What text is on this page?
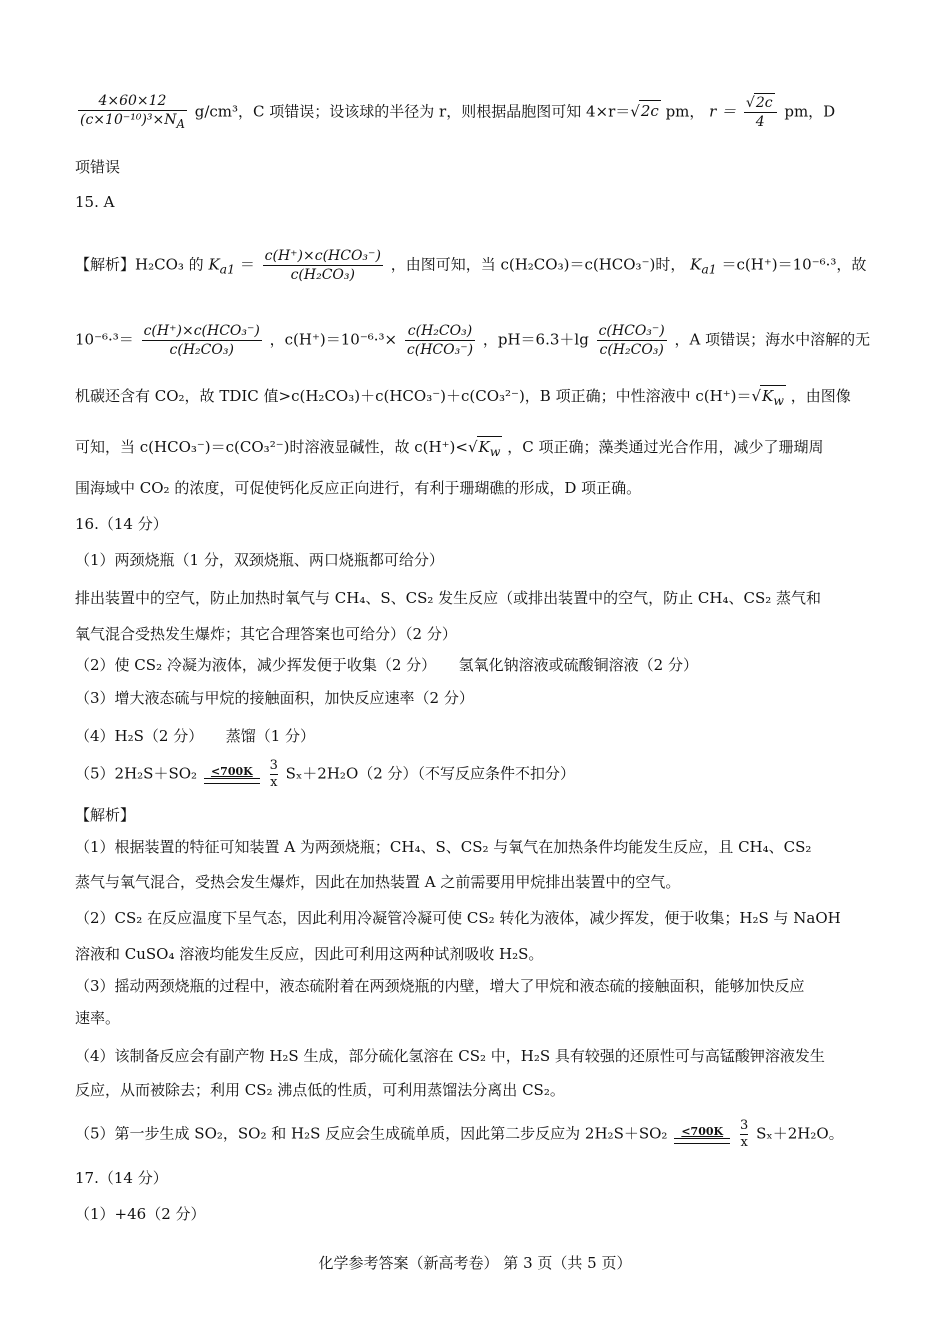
$\frac{4\times 60\times 12}{(c\times 10^{-10})^3\times N_A} g/cm^3$，C 项错误；设该球的半径为 r，则根据晶胞图可知 4×r＝√2c pm， $r = \frac{√2c}{4}$ pm，D
项错误
15. A
【解析】H₂CO₃ 的 $K_{a1} = \frac{\text{c(H⁺)×c(HCO₃⁻)}}{\text{c(H₂CO₃)}}$ ，由图可知，当 c(H₂CO₃)＝c(HCO₃⁻)时， $K_{a1} =c(H^+)=10^{-6}\cdot^3$，故
$10^{-6}\cdot^3= \frac{\text{c(H⁺)×c(HCO₃⁻)}}{\text{c(H₂CO₃)}}$ ，$c(H^+)=10^{-6}\cdot^3\times \frac{\text{c(H₂CO₃)}}{\text{c(HCO₃⁻)}}$ ，$pH=6.3+\lg \frac{\text{c(HCO₃⁻)}}{\text{c(H₂CO₃)}}$ ，A 项错误；海水中溶解的无
机碳还含有 CO₂，故 TDIC 值>c(H₂CO₃)＋c(HCO₃⁻)＋c(CO₃²⁻)，B 项正确；中性溶液中 $c(H^+)=√K_w$ ，由图像
可知，当 c(HCO₃⁻)＝c(CO₃²⁻)时溶液显碱性，故 $c(H^+)<√K_w$ ，C 项正确；藻类通过光合作用，减少了珊瑚周
围海域中 CO₂ 的浓度，可促使钙化反应正向进行，有利于珊瑚礁的形成，D 项正确。
16.（14 分）
（1）两颈烧瓶（1 分，双颈烧瓶、两口烧瓶都可给分）
排出装置中的空气，防止加热时氧气与 CH₄、S、CS₂ 发生反应（或排出装置中的空气，防止 CH₄、CS₂ 蒸气和
氧气混合受热发生爆炸；其它合理答案也可给分）（2 分）
（2）使 CS₂ 冷凝为液体，减少挥发便于收集（2 分）　　氢氧化钠溶液或硫酸铜溶液（2 分）
（3）增大液态硫与甲烷的接触面积，加快反应速率（2 分）
（4）H₂S（2 分）　　蒸馏（1 分）
（5）2H₂S＋SO₂	<700K
	$\frac{3}{x} S_x+2H_2O(2$ 分）（不写反应条件不扣分）
【解析】
（1）根据装置的特征可知装置 A 为两颈烧瓶；CH₄、S、CS₂ 与氧气在加热条件均能发生反应，且 CH₄、CS₂
蒸气与氧气混合，受热会发生爆炸，因此在加热装置 A 之前需要用甲烷排出装置中的空气。
（2）CS₂ 在反应温度下呈气态，因此利用冷凝管冷凝可使 CS₂ 转化为液体，减少挥发，便于收集；H₂S 与 NaOH
溶液和 CuSO₄ 溶液均能发生反应，因此可利用这两种试剂吸收 H₂S。
（3）摇动两颈烧瓶的过程中，液态硫附着在两颈烧瓶的内壁，增大了甲烷和液态硫的接触面积，能够加快反应
速率。
（4）该制备反应会有副产物 H₂S 生成，部分硫化氢溶在 CS₂ 中，H₂S 具有较强的还原性可与高锰酸钾溶液发生
反应，从而被除去；利用 CS₂ 沸点低的性质，可利用蒸馏法分离出 CS₂。
（5）第一步生成 SO₂，SO₂ 和 H₂S 反应会生成硫单质，因此第二步反应为 2H₂S＋SO₂	<700K
	$\frac{3}{x} S_x+2H_2O$。
17.（14 分）
（1）+46（2 分）
化学参考答案（新高考卷） 第 3 页（共 5 页）
